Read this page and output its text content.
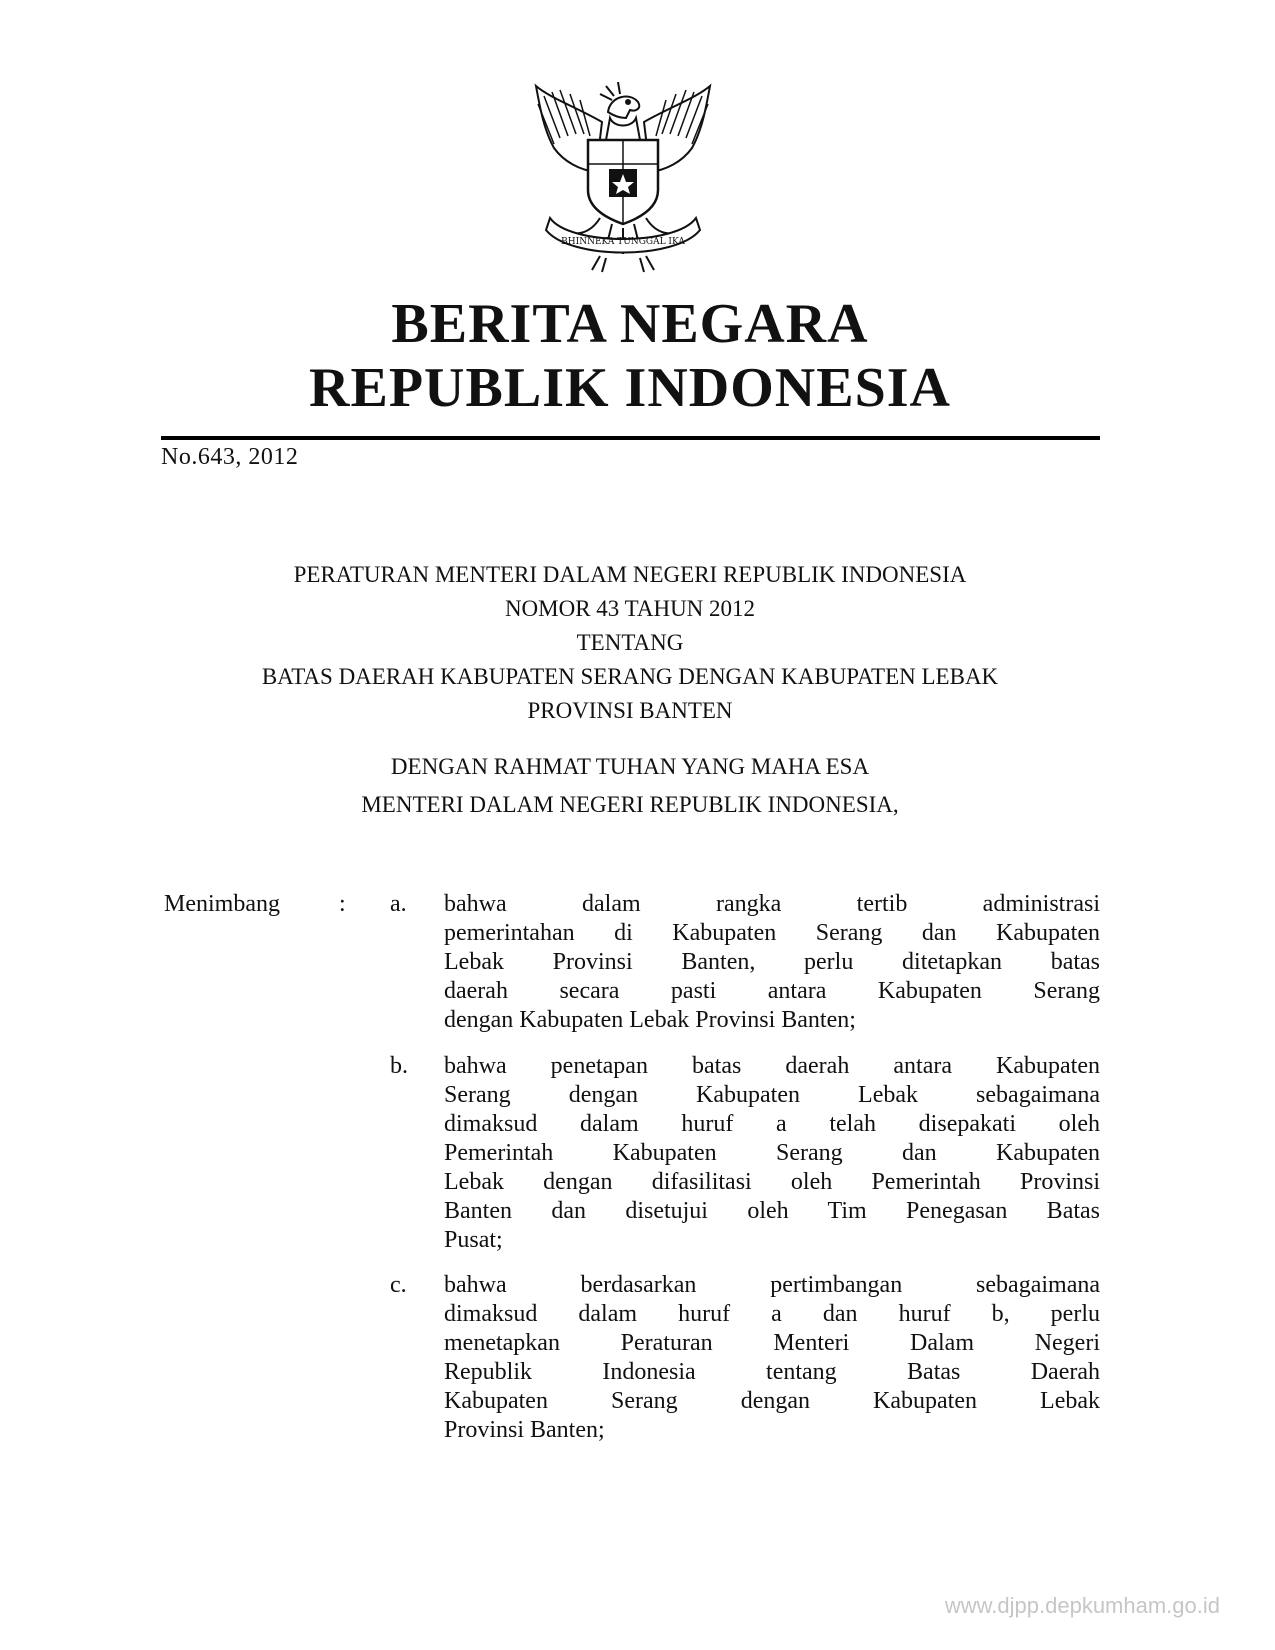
BHINNEKA TUNGGAL IKA
BERITA NEGARA
REPUBLIK INDONESIA
No.643, 2012
PERATURAN MENTERI DALAM NEGERI REPUBLIK INDONESIA
NOMOR 43 TAHUN 2012
TENTANG
BATAS DAERAH KABUPATEN SERANG DENGAN KABUPATEN LEBAK
PROVINSI BANTEN
DENGAN RAHMAT TUHAN YANG MAHA ESA
MENTERI DALAM NEGERI REPUBLIK INDONESIA,
Menimbang : a. bahwa dalam rangka tertib administrasi
pemerintahan di Kabupaten Serang dan Kabupaten
Lebak Provinsi Banten, perlu ditetapkan batas
daerah secara pasti antara Kabupaten Serang
dengan Kabupaten Lebak Provinsi Banten;
b. bahwa penetapan batas daerah antara Kabupaten
Serang dengan Kabupaten Lebak sebagaimana
dimaksud dalam huruf a telah disepakati oleh
Pemerintah Kabupaten Serang dan Kabupaten
Lebak dengan difasilitasi oleh Pemerintah Provinsi
Banten dan disetujui oleh Tim Penegasan Batas
Pusat;
c. bahwa berdasarkan pertimbangan sebagaimana
dimaksud dalam huruf a dan huruf b, perlu
menetapkan Peraturan Menteri Dalam Negeri
Republik Indonesia tentang Batas Daerah
Kabupaten Serang dengan Kabupaten Lebak
Provinsi Banten;
www.djpp.depkumham.go.id
